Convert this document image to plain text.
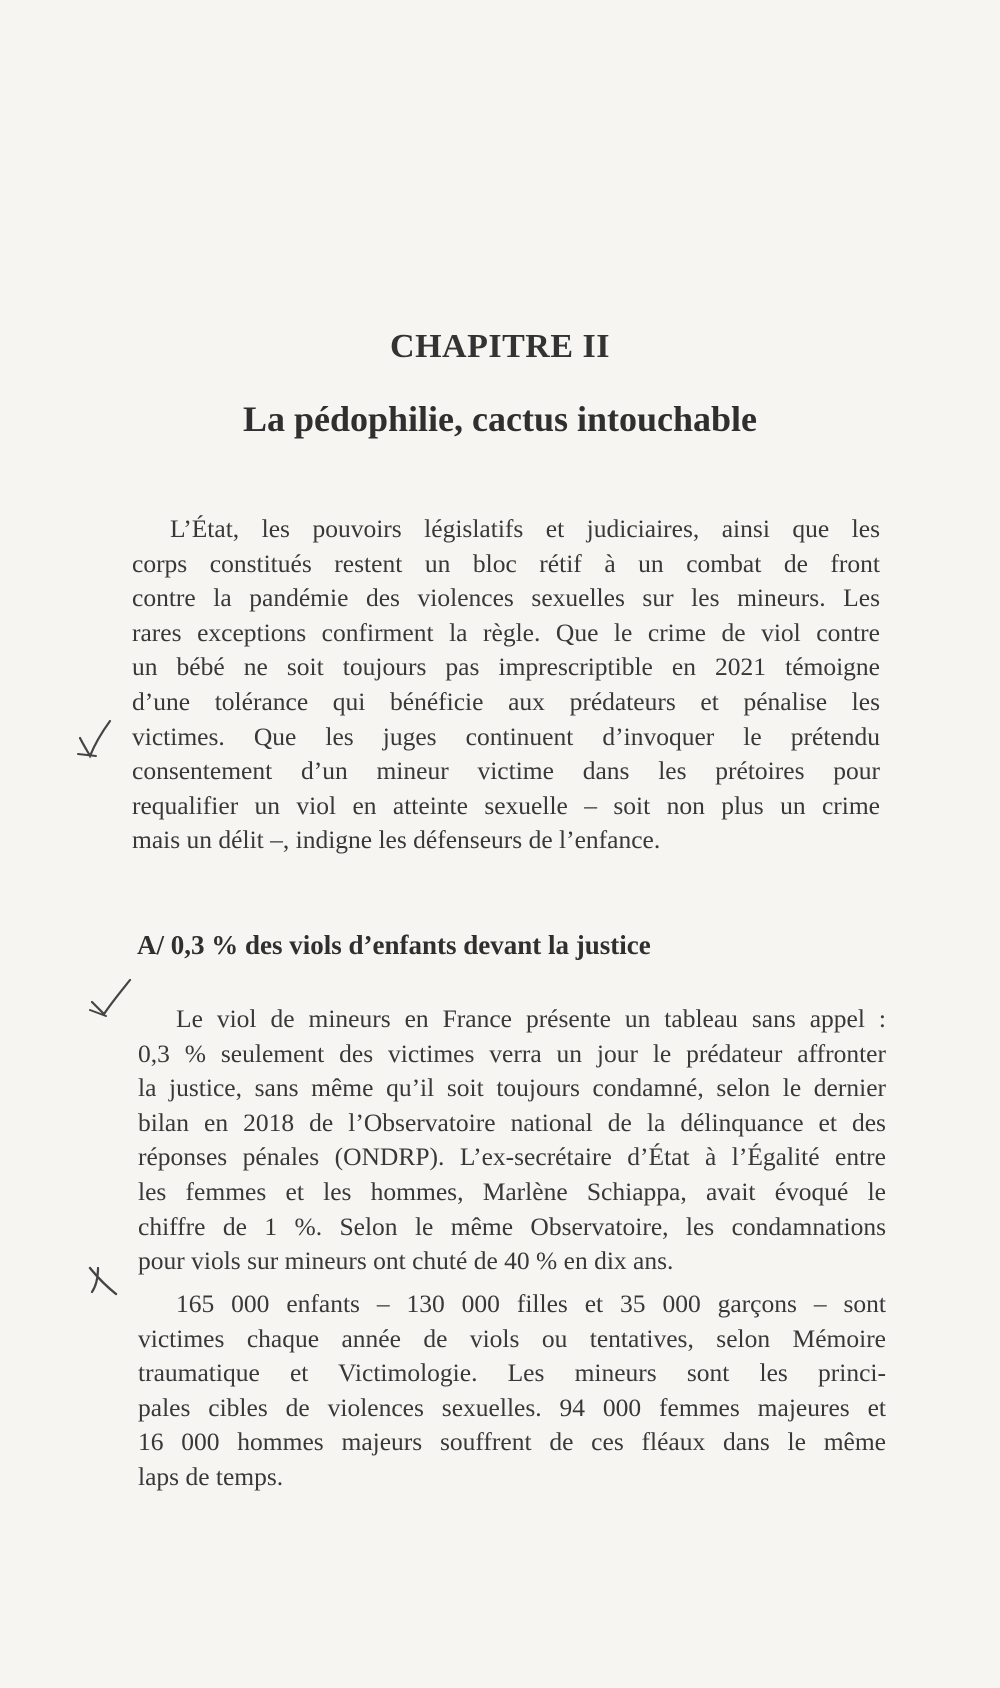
CHAPITRE II
La pédophilie, cactus intouchable
L’État, les pouvoirs législatifs et judiciaires, ainsi que les
corps constitués restent un bloc rétif à un combat de front
contre la pandémie des violences sexuelles sur les mineurs. Les
rares exceptions confirment la règle. Que le crime de viol contre
un bébé ne soit toujours pas imprescriptible en 2021 témoigne
d’une tolérance qui bénéficie aux prédateurs et pénalise les
victimes. Que les juges continuent d’invoquer le prétendu
consentement d’un mineur victime dans les prétoires pour
requalifier un viol en atteinte sexuelle – soit non plus un crime
mais un délit –, indigne les défenseurs de l’enfance.
A/ 0,3 % des viols d’enfants devant la justice
Le viol de mineurs en France présente un tableau sans appel :
0,3 % seulement des victimes verra un jour le prédateur affronter
la justice, sans même qu’il soit toujours condamné, selon le dernier
bilan en 2018 de l’Observatoire national de la délinquance et des
réponses pénales (ONDRP). L’ex-secrétaire d’État à l’Égalité entre
les femmes et les hommes, Marlène Schiappa, avait évoqué le
chiffre de 1 %. Selon le même Observatoire, les condamnations
pour viols sur mineurs ont chuté de 40 % en dix ans.
165 000 enfants – 130 000 filles et 35 000 garçons – sont
victimes chaque année de viols ou tentatives, selon Mémoire
traumatique et Victimologie. Les mineurs sont les princi-
pales cibles de violences sexuelles. 94 000 femmes majeures et
16 000 hommes majeurs souffrent de ces fléaux dans le même
laps de temps.
